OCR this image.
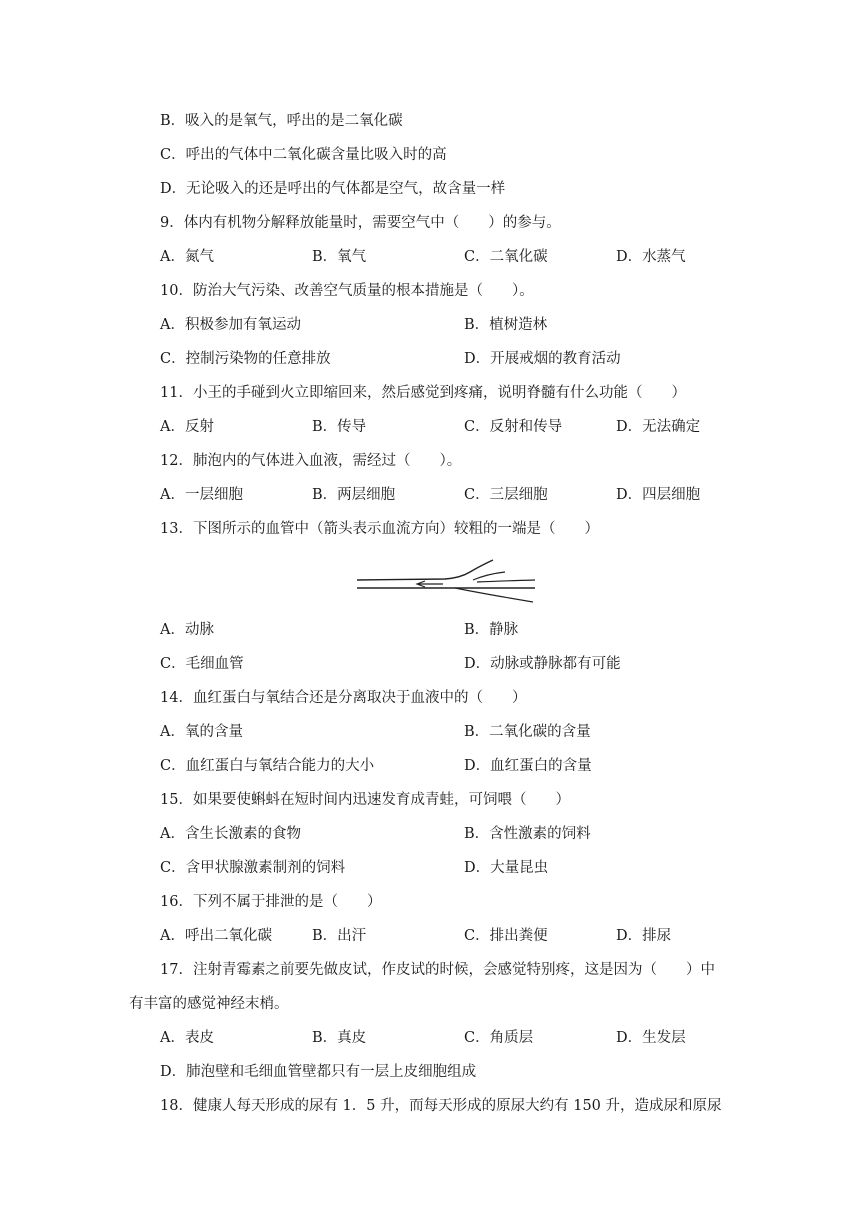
B．吸入的是氧气，呼出的是二氧化碳
C．呼出的气体中二氧化碳含量比吸入时的高
D．无论吸入的还是呼出的气体都是空气，故含量一样
9．体内有机物分解释放能量时，需要空气中（　　）的参与。
A．氮气	B．氧气	C．二氧化碳	D．水蒸气
10．防治大气污染、改善空气质量的根本措施是（　　）。
A．积极参加有氧运动	B．植树造林
C．控制污染物的任意排放	D．开展戒烟的教育活动
11．小王的手碰到火立即缩回来，然后感觉到疼痛，说明脊髓有什么功能（　　）
A．反射	B．传导	C．反射和传导	D．无法确定
12．肺泡内的气体进入血液，需经过（　　）。
A．一层细胞	B．两层细胞	C．三层细胞	D．四层细胞
13．下图所示的血管中（箭头表示血流方向）较粗的一端是（　　）
A．动脉	B．静脉
C．毛细血管	D．动脉或静脉都有可能
14．血红蛋白与氧结合还是分离取决于血液中的（　　）
A．氧的含量	B．二氧化碳的含量
C．血红蛋白与氧结合能力的大小	D．血红蛋白的含量
15．如果要使蝌蚪在短时间内迅速发育成青蛙，可饲喂（　　）
A．含生长激素的食物	B．含性激素的饲料
C．含甲状腺激素制剂的饲料	D．大量昆虫
16．下列不属于排泄的是（　　）
A．呼出二氧化碳	B．出汗	C．排出粪便	D．排尿
17．注射青霉素之前要先做皮试，作皮试的时候，会感觉特别疼，这是因为（　　）中
有丰富的感觉神经末梢。
A．表皮	B．真皮	C．角质层	D．生发层
D．肺泡壁和毛细血管壁都只有一层上皮细胞组成
18．健康人每天形成的尿有 1．5 升，而每天形成的原尿大约有 150 升，造成尿和原尿
